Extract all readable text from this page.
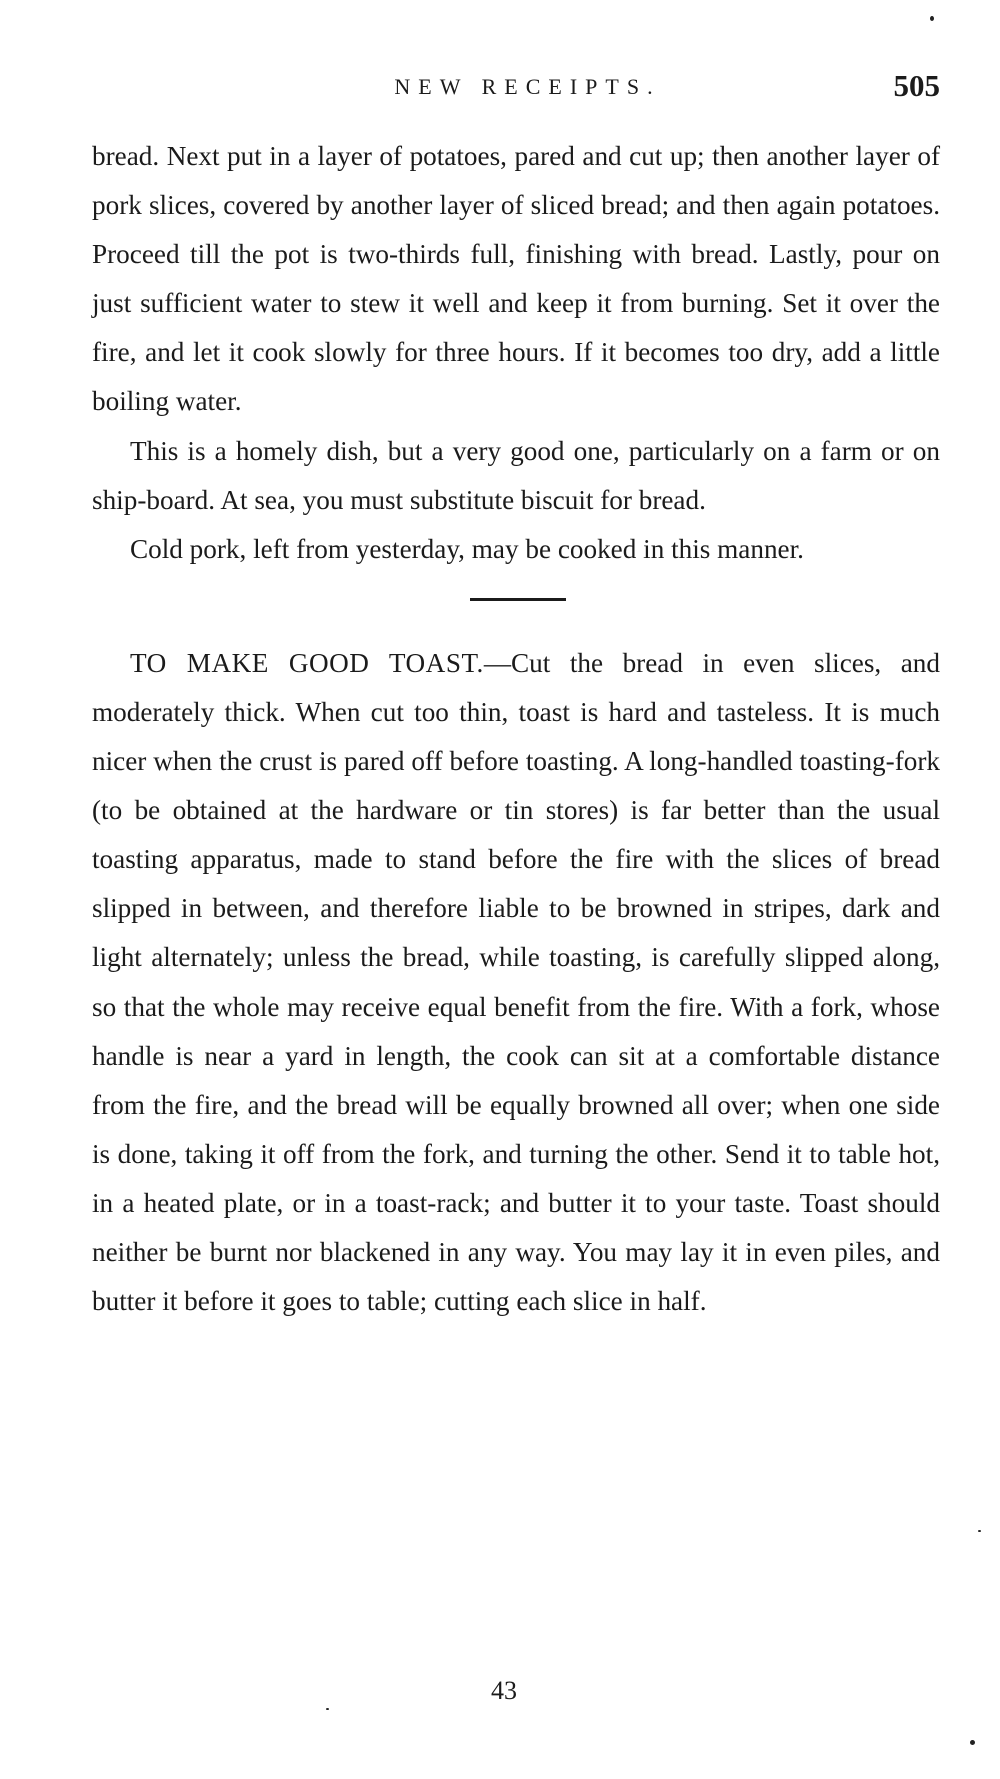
NEW RECEIPTS.	505

bread. Next put in a layer of potatoes, pared and cut up; then another layer of pork slices, covered by another layer of sliced bread; and then again potatoes. Proceed till the pot is two-thirds full, finishing with bread. Lastly, pour on just sufficient water to stew it well and keep it from burning. Set it over the fire, and let it cook slowly for three hours. If it becomes too dry, add a little boiling water.

This is a homely dish, but a very good one, particularly on a farm or on ship-board. At sea, you must substitute biscuit for bread.

Cold pork, left from yesterday, may be cooked in this manner.

TO MAKE GOOD TOAST.—Cut the bread in even slices, and moderately thick. When cut too thin, toast is hard and tasteless. It is much nicer when the crust is pared off before toasting. A long-handled toasting-fork (to be obtained at the hardware or tin stores) is far better than the usual toasting apparatus, made to stand before the fire with the slices of bread slipped in between, and therefore liable to be browned in stripes, dark and light alternately; unless the bread, while toasting, is carefully slipped along, so that the whole may receive equal benefit from the fire. With a fork, whose handle is near a yard in length, the cook can sit at a comfortable distance from the fire, and the bread will be equally browned all over; when one side is done, taking it off from the fork, and turning the other. Send it to table hot, in a heated plate, or in a toast-rack; and butter it to your taste. Toast should neither be burnt nor blackened in any way. You may lay it in even piles, and butter it before it goes to table; cutting each slice in half.

43
